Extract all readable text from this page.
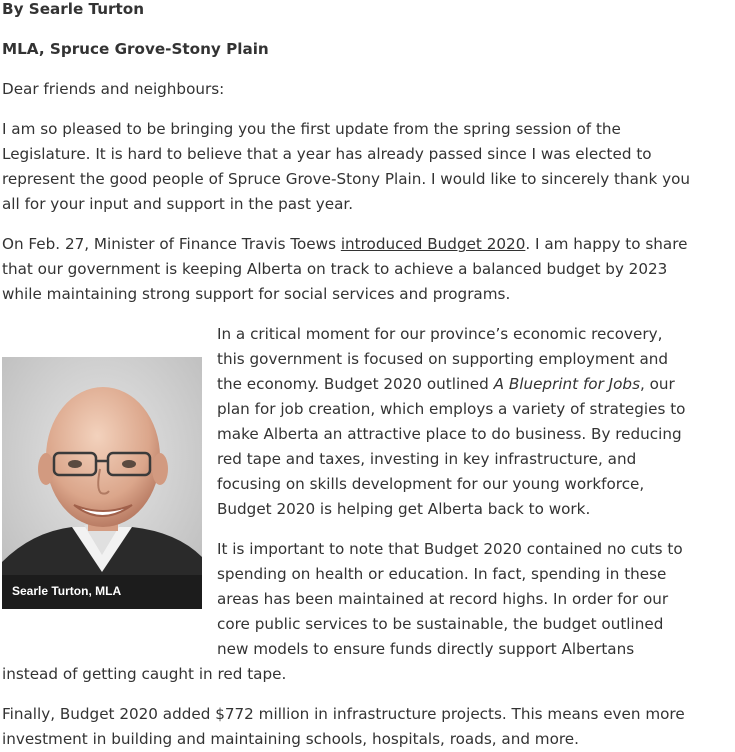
By Searle Turton

MLA, Spruce Grove-Stony Plain

Dear friends and neighbours:

I am so pleased to be bringing you the first update from the spring session of the Legislature. It is hard to believe that a year has already passed since I was elected to represent the good people of Spruce Grove-Stony Plain. I would like to sincerely thank you all for your input and support in the past year.

On Feb. 27, Minister of Finance Travis Toews introduced Budget 2020. I am happy to share that our government is keeping Alberta on track to achieve a balanced budget by 2023 while maintaining strong support for social services and programs.

In a critical moment for our province’s economic recovery, this government is focused on supporting employment and the economy. Budget 2020 outlined A Blueprint for Jobs, our plan for job creation, which employs a variety of strategies to make Alberta an attractive place to do business. By reducing red tape and taxes, investing in key infrastructure, and focusing on skills development for our young workforce, Budget 2020 is helping get Alberta back to work.

Searle Turton, MLA

It is important to note that Budget 2020 contained no cuts to spending on health or education. In fact, spending in these areas has been maintained at record highs. In order for our core public services to be sustainable, the budget outlined new models to ensure funds directly support Albertans instead of getting caught in red tape.

Finally, Budget 2020 added $772 million in infrastructure projects. This means even more investment in building and maintaining schools, hospitals, roads, and more.
